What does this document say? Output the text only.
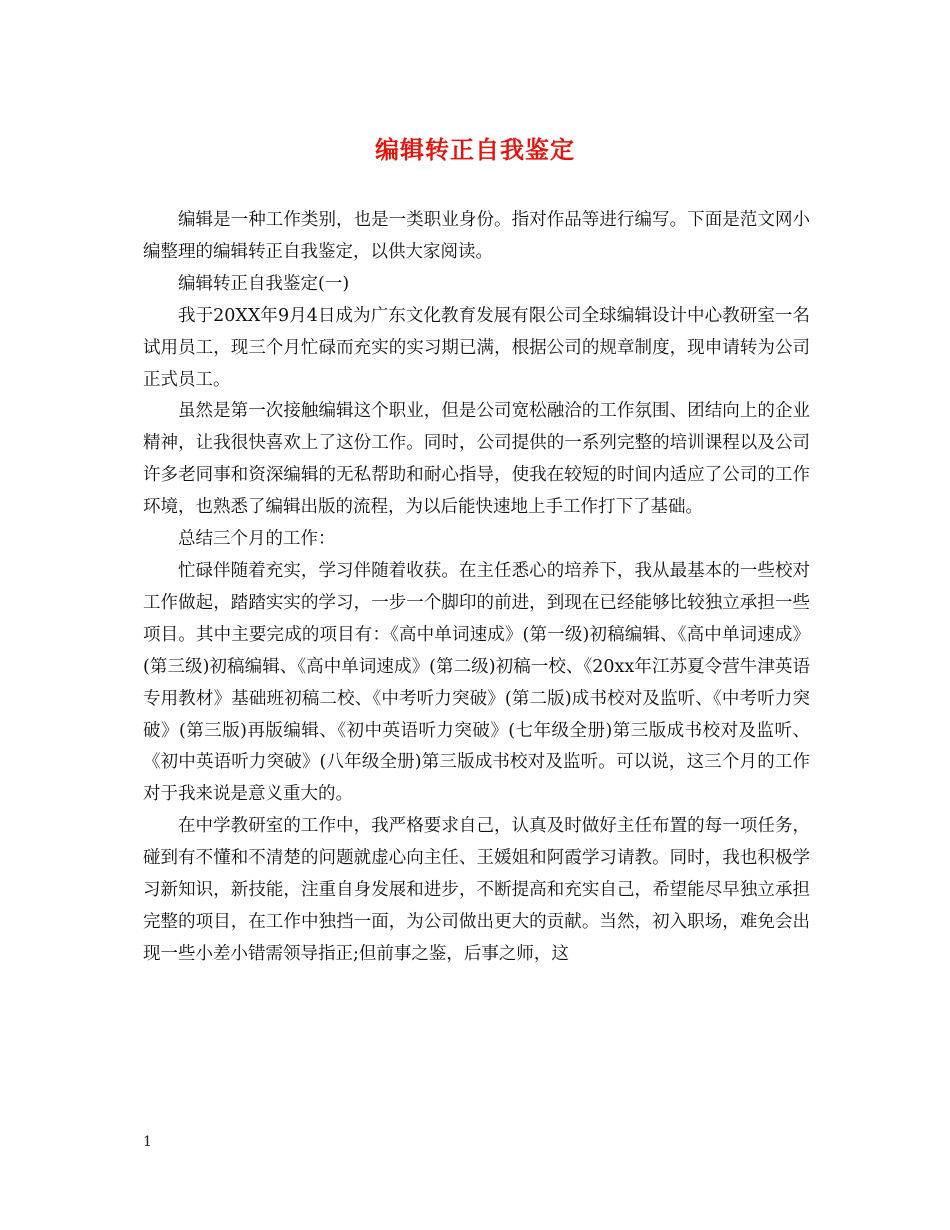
编辑转正自我鉴定

编辑是一种工作类别，也是一类职业身份。指对作品等进行编写。下面是范文网小编整理的编辑转正自我鉴定，以供大家阅读。

编辑转正自我鉴定(一)

我于20XX年9月4日成为广东文化教育发展有限公司全球编辑设计中心教研室一名试用员工，现三个月忙碌而充实的实习期已满，根据公司的规章制度，现申请转为公司正式员工。

虽然是第一次接触编辑这个职业，但是公司宽松融洽的工作氛围、团结向上的企业精神，让我很快喜欢上了这份工作。同时，公司提供的一系列完整的培训课程以及公司许多老同事和资深编辑的无私帮助和耐心指导，使我在较短的时间内适应了公司的工作环境，也熟悉了编辑出版的流程，为以后能快速地上手工作打下了基础。

总结三个月的工作：

忙碌伴随着充实，学习伴随着收获。在主任悉心的培养下，我从最基本的一些校对工作做起，踏踏实实的学习，一步一个脚印的前进，到现在已经能够比较独立承担一些项目。其中主要完成的项目有：《高中单词速成》(第一级)初稿编辑、《高中单词速成》(第三级)初稿编辑、《高中单词速成》(第二级)初稿一校、《20xx年江苏夏令营牛津英语专用教材》基础班初稿二校、《中考听力突破》(第二版)成书校对及监听、《中考听力突破》(第三版)再版编辑、《初中英语听力突破》(七年级全册)第三版成书校对及监听、《初中英语听力突破》(八年级全册)第三版成书校对及监听。可以说，这三个月的工作对于我来说是意义重大的。

在中学教研室的工作中，我严格要求自己，认真及时做好主任布置的每一项任务，碰到有不懂和不清楚的问题就虚心向主任、王媛姐和阿霞学习请教。同时，我也积极学习新知识，新技能，注重自身发展和进步，不断提高和充实自己，希望能尽早独立承担完整的项目，在工作中独挡一面，为公司做出更大的贡献。当然，初入职场，难免会出现一些小差小错需领导指正;但前事之鉴，后事之师，这

1
